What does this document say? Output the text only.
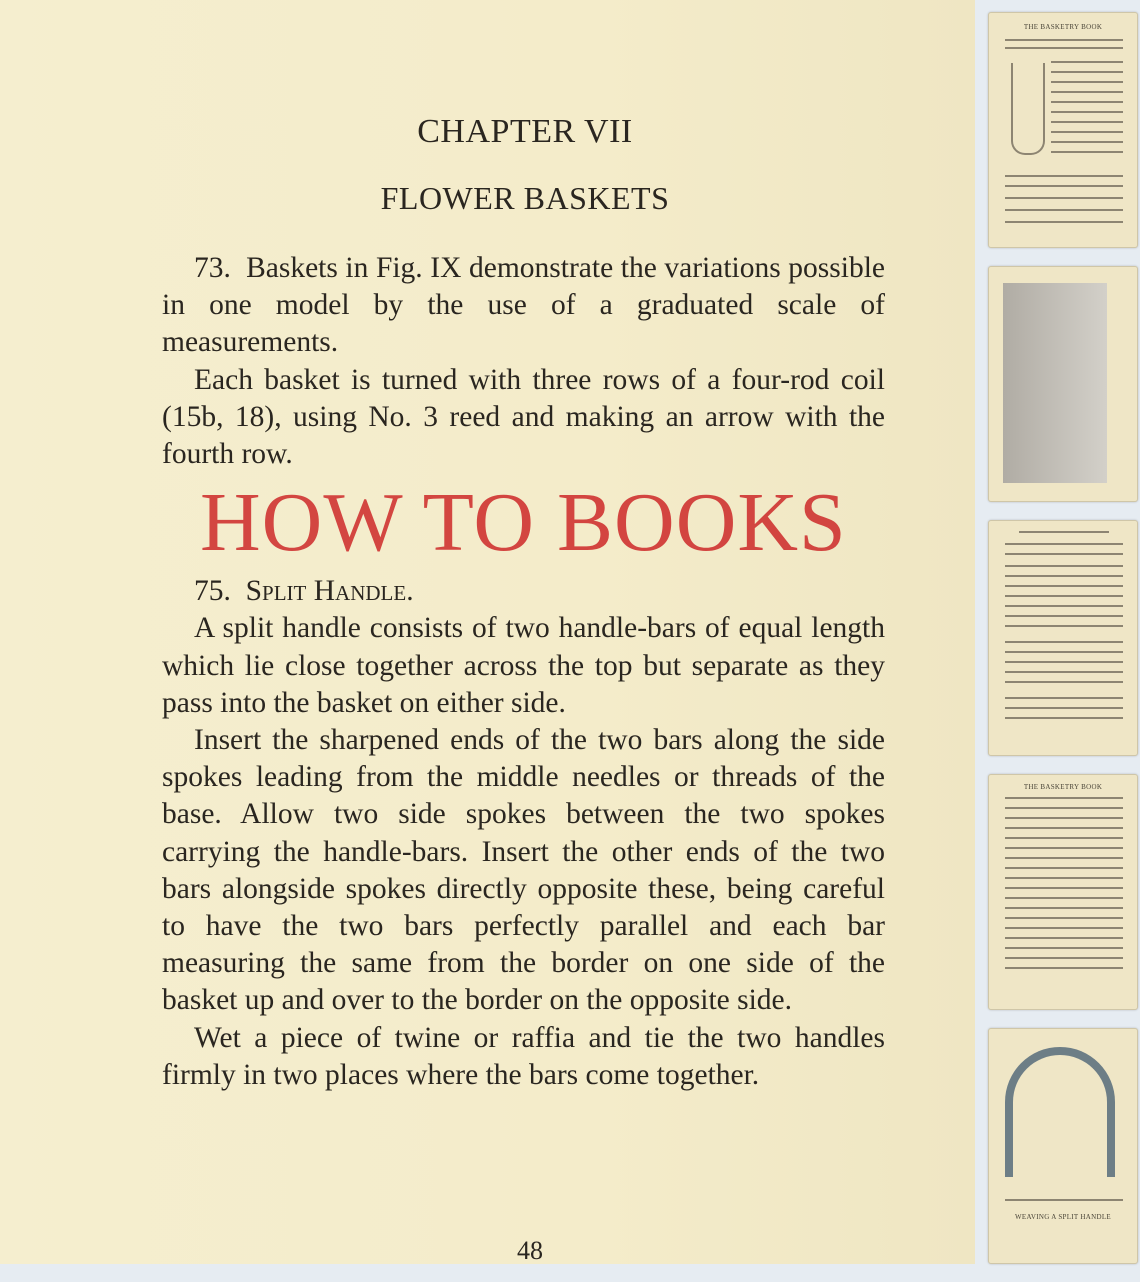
CHAPTER VII
FLOWER BASKETS

73. Baskets in Fig. IX demonstrate the variations possible in one model by the use of a graduated scale of measurements.

Each basket is turned with three rows of a four-rod coil (15b, 18), using No. 3 reed and making an arrow with the fourth row.

HOW TO BOOKS

75. Split Handle.

A split handle consists of two handle-bars of equal length which lie close together across the top but separate as they pass into the basket on either side.

Insert the sharpened ends of the two bars along the side spokes leading from the middle needles or threads of the base. Allow two side spokes between the two spokes carrying the handle-bars. Insert the other ends of the two bars alongside spokes directly opposite these, being careful to have the two bars perfectly parallel and each bar measuring the same from the border on one side of the basket up and over to the border on the opposite side.

Wet a piece of twine or raffia and tie the two handles firmly in two places where the bars come together.

48
THE BASKETRY BOOK
THE BASKETRY BOOK
WEAVING A SPLIT HANDLE
